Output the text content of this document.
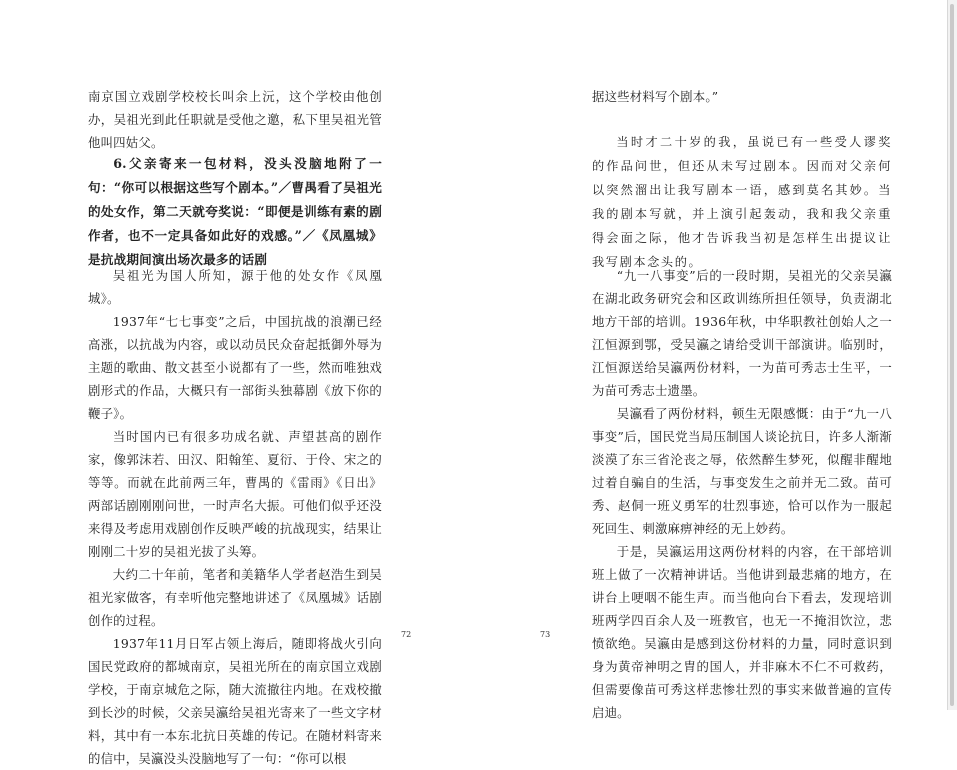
南京国立戏剧学校校长叫余上沅，这个学校由他创办，吴祖光到此任职就是受他之邀，私下里吴祖光管他叫四姑父。

6.父亲寄来一包材料，没头没脑地附了一句：“你可以根据这些写个剧本。”／曹禺看了吴祖光的处女作，第二天就夸奖说：“即便是训练有素的剧作者，也不一定具备如此好的戏感。”／《凤凰城》是抗战期间演出场次最多的话剧

吴祖光为国人所知，源于他的处女作《凤凰城》。

1937年“七七事变”之后，中国抗战的浪潮已经高涨，以抗战为内容，或以动员民众奋起抵御外辱为主题的歌曲、散文甚至小说都有了一些，然而唯独戏剧形式的作品，大概只有一部街头独幕剧《放下你的鞭子》。

当时国内已有很多功成名就、声望甚高的剧作家，像郭沫若、田汉、阳翰笙、夏衍、于伶、宋之的等等。而就在此前两三年，曹禺的《雷雨》《日出》两部话剧刚刚问世，一时声名大振。可他们似乎还没来得及考虑用戏剧创作反映严峻的抗战现实，结果让刚刚二十岁的吴祖光拔了头筹。

大约二十年前，笔者和美籍华人学者赵浩生到吴祖光家做客，有幸听他完整地讲述了《凤凰城》话剧创作的过程。

1937年11月日军占领上海后，随即将战火引向国民党政府的都城南京，吴祖光所在的南京国立戏剧学校，于南京城危之际，随大流撤往内地。在戏校撤到长沙的时候，父亲吴瀛给吴祖光寄来了一些文字材料，其中有一本东北抗日英雄的传记。在随材料寄来的信中，吴瀛没头没脑地写了一句：“你可以根

72	73

据这些材料写个剧本。”

当时才二十岁的我，虽说已有一些受人谬奖的作品问世，但还从未写过剧本。因而对父亲何以突然溜出让我写剧本一语，感到莫名其妙。当我的剧本写就，并上演引起轰动，我和我父亲重得会面之际，他才告诉我当初是怎样生出提议让我写剧本念头的。

“九一八事变”后的一段时期，吴祖光的父亲吴瀛在湖北政务研究会和区政训练所担任领导，负责湖北地方干部的培训。1936年秋，中华职教社创始人之一江恒源到鄂，受吴瀛之请给受训干部演讲。临别时，江恒源送给吴瀛两份材料，一为苗可秀志士生平，一为苗可秀志士遗墨。

吴瀛看了两份材料，顿生无限感慨：由于“九一八事变”后，国民党当局压制国人谈论抗日，许多人渐渐淡漠了东三省沦丧之辱，依然醉生梦死，似醒非醒地过着自骗自的生活，与事变发生之前并无二致。苗可秀、赵侗一班义勇军的壮烈事迹，恰可以作为一服起死回生、刺激麻痹神经的无上妙药。

于是，吴瀛运用这两份材料的内容，在干部培训班上做了一次精神讲话。当他讲到最悲痛的地方，在讲台上哽咽不能生声。而当他向台下看去，发现培训班两学四百余人及一班教官，也无一不掩泪饮泣，悲愤欲绝。吴瀛由是感到这份材料的力量，同时意识到身为黄帝神明之胄的国人，并非麻木不仁不可救药，但需要像苗可秀这样悲惨壮烈的事实来做普遍的宣传启迪。
